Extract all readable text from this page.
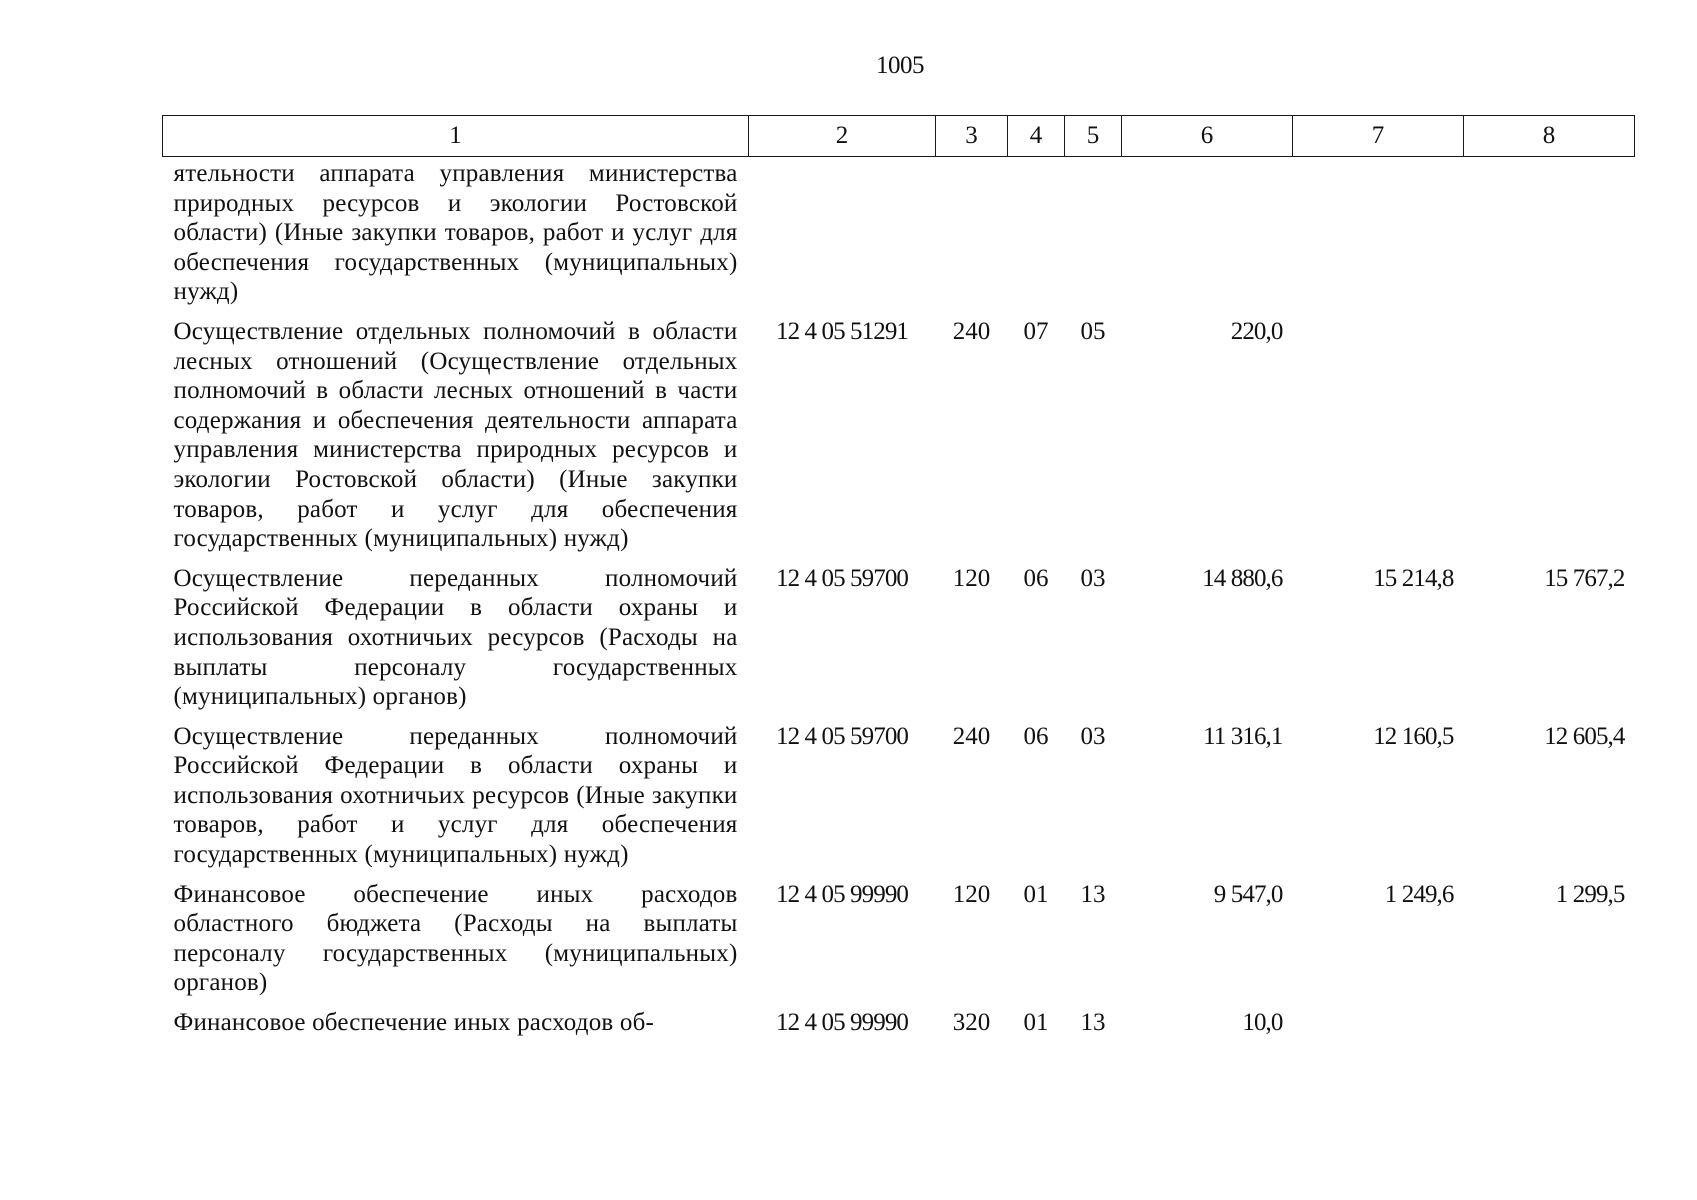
1005
1	2	3	4	5	6	7	8
ятельности аппарата управления министерства природных ресурсов и экологии Ростовской области) (Иные закупки товаров, работ и услуг для обеспечения государственных (муниципальных) нужд)							
Осуществление отдельных полномочий в области лесных отношений (Осуществление отдельных полномочий в области лесных отношений в части содержания и обеспечения деятельности аппарата управления министерства природных ресурсов и экологии Ростовской области) (Иные закупки товаров, работ и услуг для обеспечения государственных (муниципальных) нужд)	12 4 05 51291	240	07	05	220,0		
Осуществление переданных полномочий Российской Федерации в области охраны и использования охотничьих ресурсов (Расходы на выплаты персоналу государственных (муниципальных) органов)	12 4 05 59700	120	06	03	14 880,6	15 214,8	15 767,2
Осуществление переданных полномочий Российской Федерации в области охраны и использования охотничьих ресурсов (Иные закупки товаров, работ и услуг для обеспечения государственных (муниципальных) нужд)	12 4 05 59700	240	06	03	11 316,1	12 160,5	12 605,4
Финансовое обеспечение иных расходов областного бюджета (Расходы на выплаты персоналу государственных (муниципальных) органов)	12 4 05 99990	120	01	13	9 547,0	1 249,6	1 299,5
Финансовое обеспечение иных расходов об-	12 4 05 99990	320	01	13	10,0		
